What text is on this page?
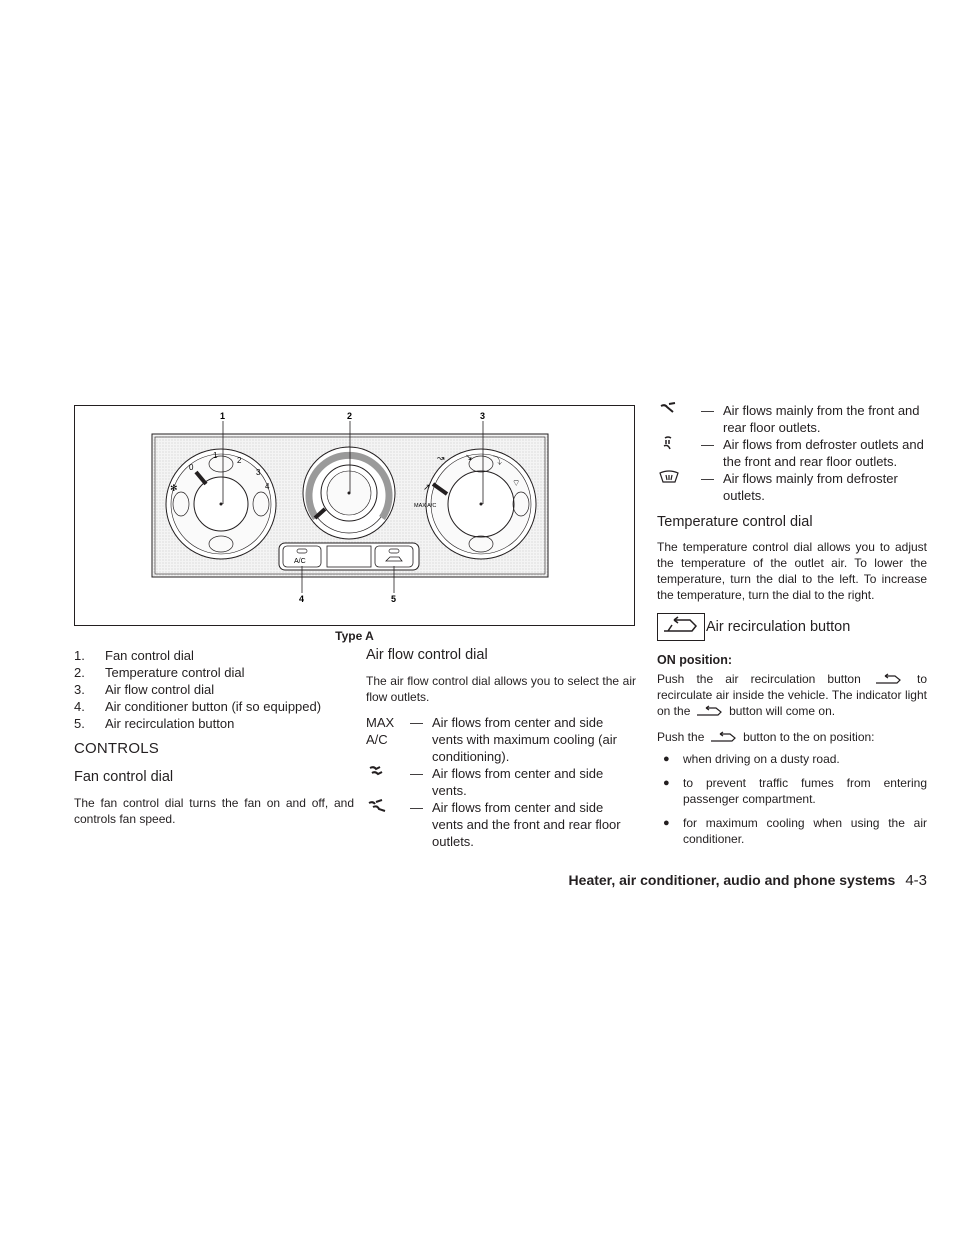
0
1
2
3
4
✻
MAX A/C
↗
↝ ↘ ⤵
⌔
A/C
1	2	3
4	5
Type A
1.	Fan control dial
2.	Temperature control dial
3.	Air flow control dial
4.	Air conditioner button (if so equipped)
5.	Air recirculation button
CONTROLS
Fan control dial

The fan control dial turns the fan on and off, and controls fan speed.

Air flow control dial

The air flow control dial allows you to select the air flow outlets.

MAX
A/C
— Air flows from center and side vents with maximum cooling (air conditioning).
— Air flows from center and side vents.
— Air flows from center and side vents and the front and rear floor outlets.
— Air flows mainly from the front and rear floor outlets.
— Air flows from defroster outlets and the front and rear floor outlets.
— Air flows mainly from defroster outlets.
Temperature control dial

The temperature control dial allows you to adjust the temperature of the outlet air. To lower the temperature, turn the dial to the left. To increase the temperature, turn the dial to the right.

Air recirculation button
ON position:

Push the air recirculation button	to recirculate air inside the vehicle. The indicator light on the	button will come on.

Push the	button to the on position:

●	when driving on a dusty road.
●	to prevent traffic fumes from entering passenger compartment.
●	for maximum cooling when using the air conditioner.
Heater, air conditioner, audio and phone systems 4-3
